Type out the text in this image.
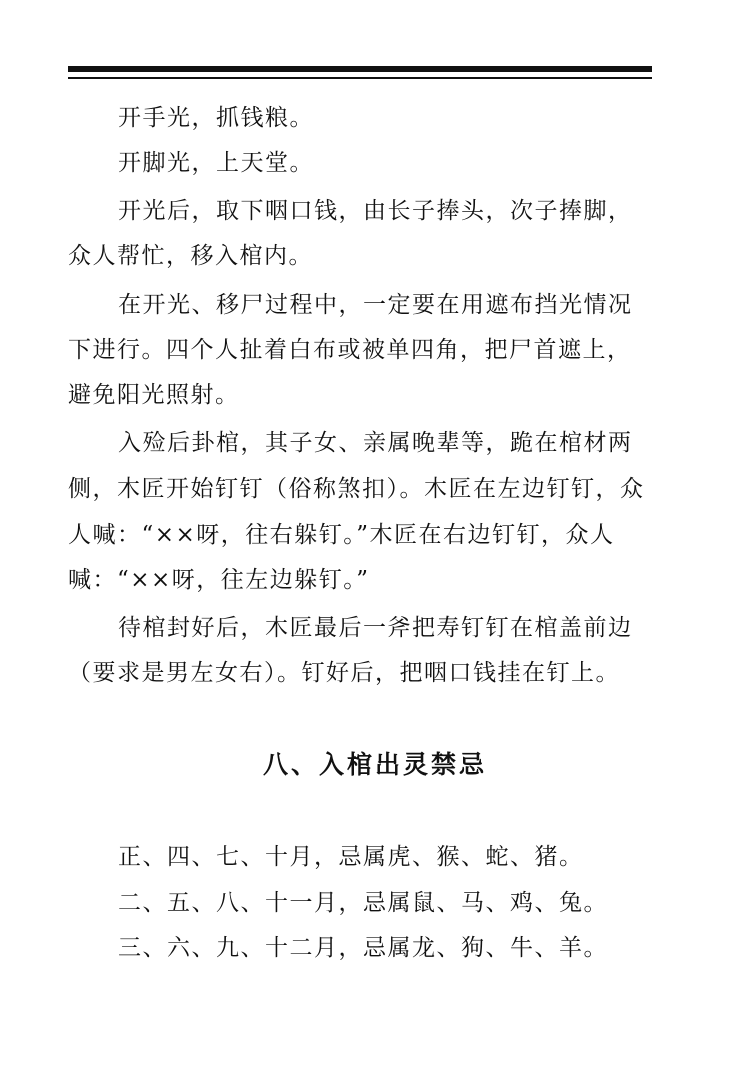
开手光，抓钱粮。
开脚光，上天堂。
开光后，取下咽口钱，由长子捧头，次子捧脚，
众人帮忙，移入棺内。
在开光、移尸过程中，一定要在用遮布挡光情况
下进行。四个人扯着白布或被单四角，把尸首遮上，
避免阳光照射。
入殓后卦棺，其子女、亲属晚辈等，跪在棺材两
侧，木匠开始钉钉（俗称煞扣）。木匠在左边钉钉，众
人喊：“××呀，往右躲钉。”木匠在右边钉钉，众人
喊：“××呀，往左边躲钉。”
待棺封好后，木匠最后一斧把寿钉钉在棺盖前边
（要求是男左女右）。钉好后，把咽口钱挂在钉上。
八、入棺出灵禁忌
正、四、七、十月，忌属虎、猴、蛇、猪。
二、五、八、十一月，忌属鼠、马、鸡、兔。
三、六、九、十二月，忌属龙、狗、牛、羊。
